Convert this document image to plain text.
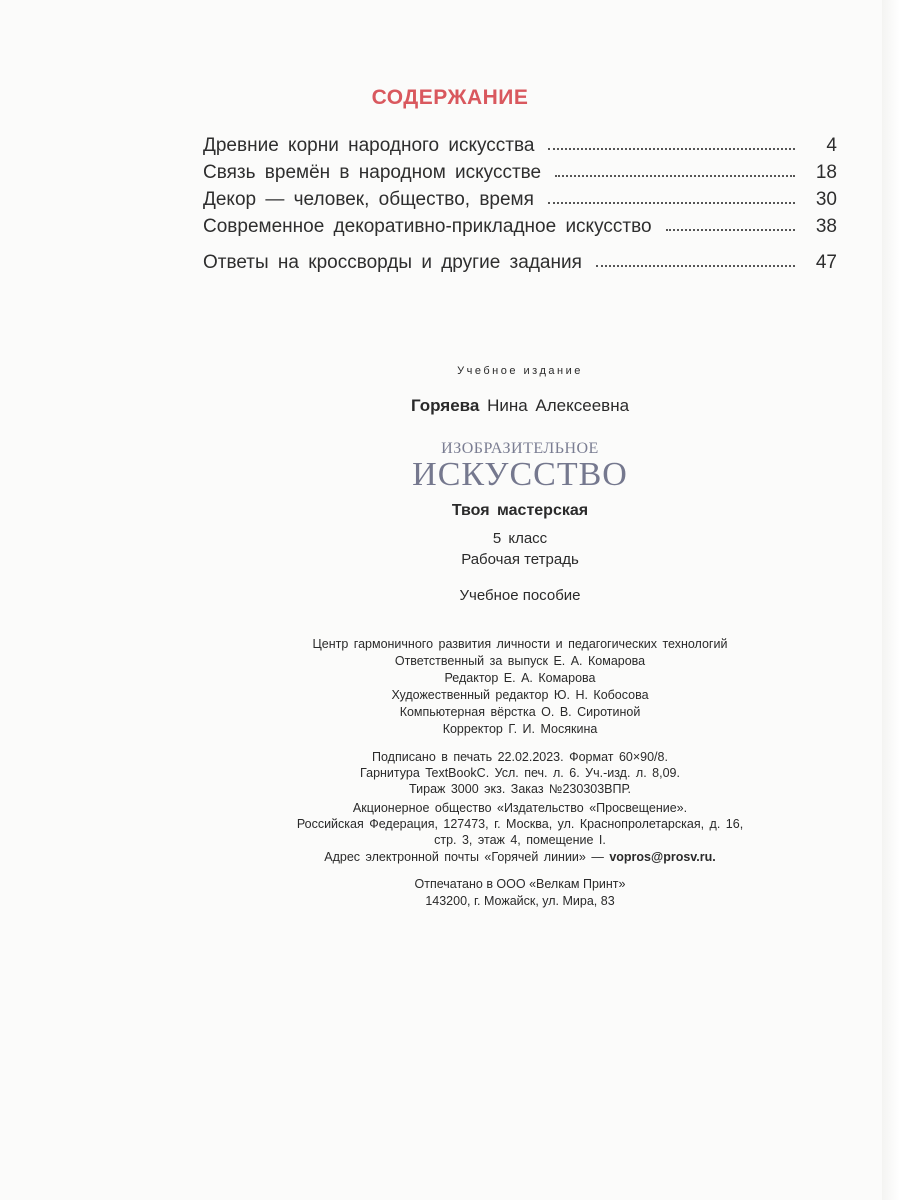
СОДЕРЖАНИЕ
Древние корни народного искусства	4
Связь времён в народном искусстве	18
Декор — человек, общество, время	30
Современное декоративно-прикладное искусство	38
Ответы на кроссворды и другие задания	47
Учебное издание
Горяева Нина Алексеевна
ИЗОБРАЗИТЕЛЬНОЕ
ИСКУССТВО
Твоя мастерская
5 класс
Рабочая тетрадь
Учебное пособие
Центр гармоничного развития личности и педагогических технологий
Ответственный за выпуск Е. А. Комарова
Редактор Е. А. Комарова
Художественный редактор Ю. Н. Кобосова
Компьютерная вёрстка О. В. Сиротиной
Корректор Г. И. Мосякина
Подписано в печать 22.02.2023. Формат 60×90/8.
Гарнитура TextBookC. Усл. печ. л. 6. Уч.-изд. л. 8,09.
Тираж 3000 экз. Заказ №230303ВПР.
Акционерное общество «Издательство «Просвещение».
Российская Федерация, 127473, г. Москва, ул. Краснопролетарская, д. 16,
стр. 3, этаж 4, помещение I.
Адрес электронной почты «Горячей линии» — vopros@prosv.ru.
Отпечатано в ООО «Велкам Принт»
143200, г. Можайск, ул. Мира, 83
